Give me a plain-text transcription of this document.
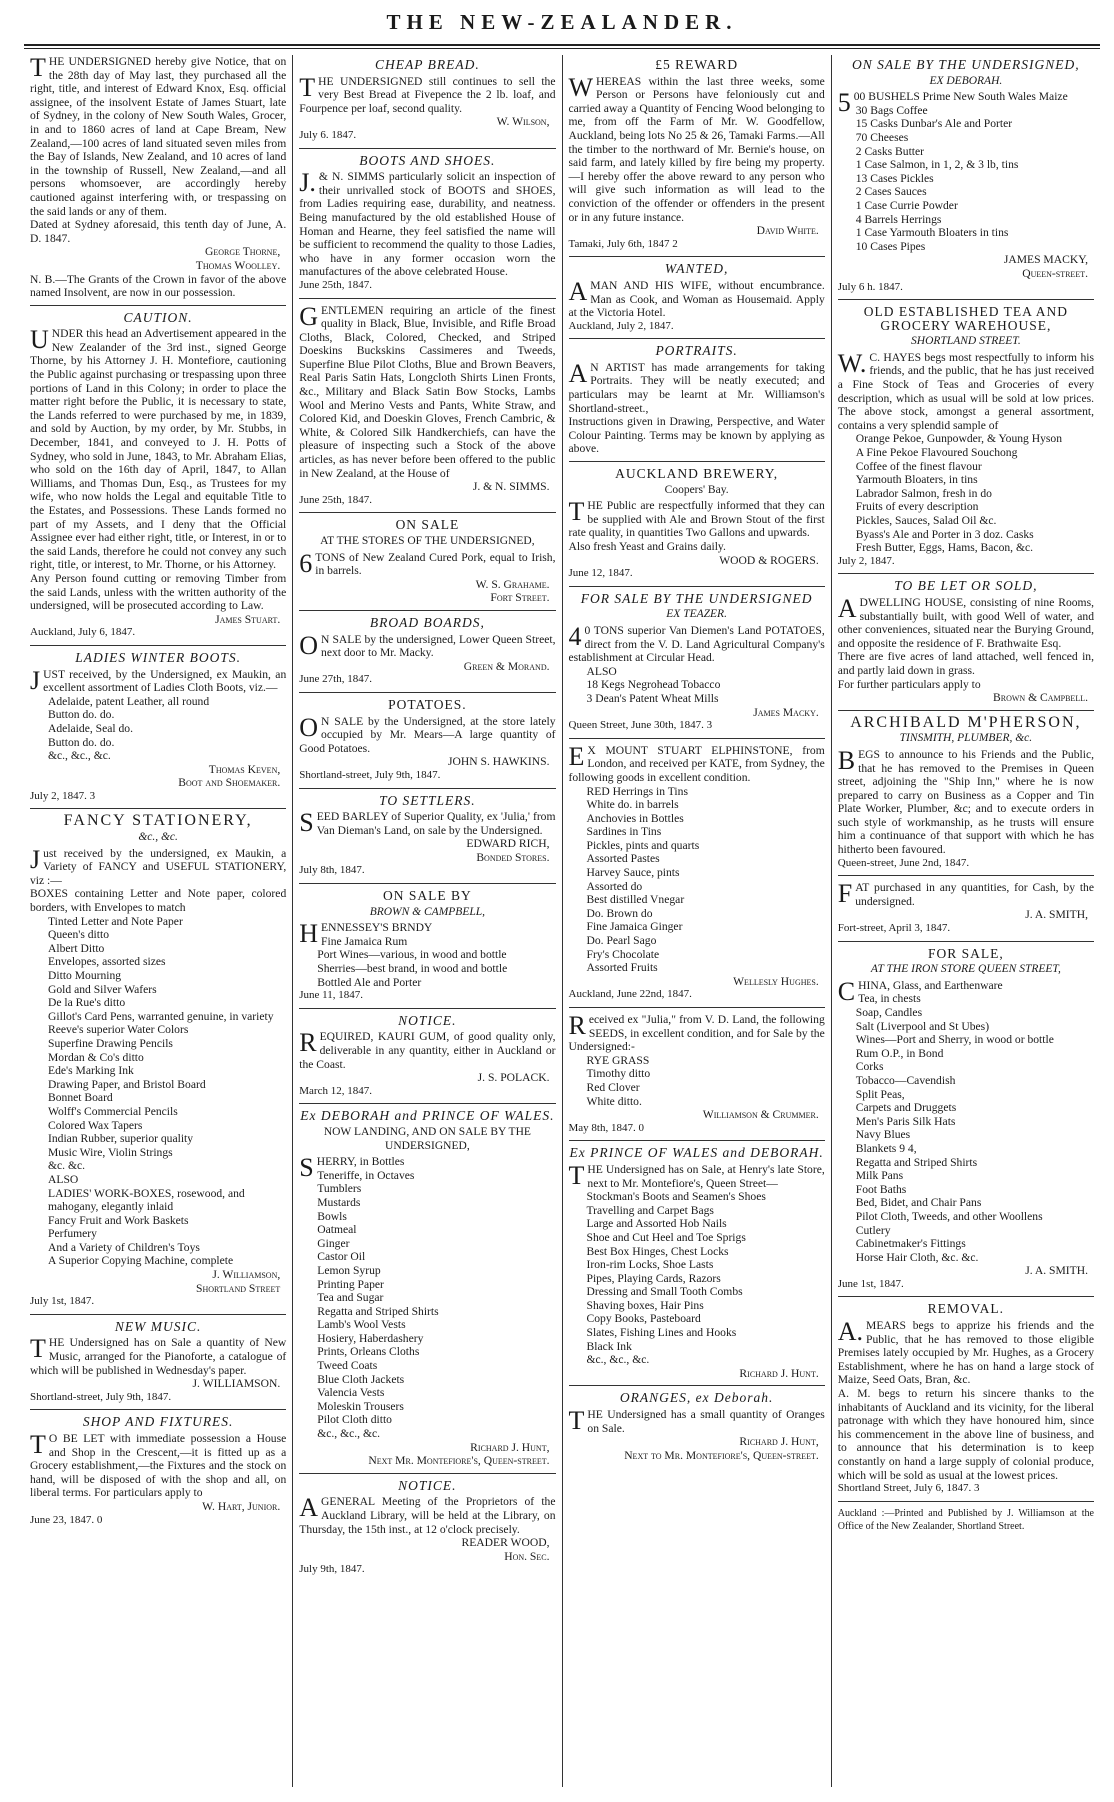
THE NEW-ZEALANDER.

THE UNDERSIGNED hereby give Notice, that on the 28th day of May last, they purchased all the right, title, and interest of Edward Knox, Esq. official assignee, of the insolvent Estate of James Stuart, late of Sydney, in the colony of New South Wales, Grocer, in and to 1860 acres of land at Cape Bream, New Zealand,—100 acres of land situated seven miles from the Bay of Islands, New Zealand, and 10 acres of land in the township of Russell, New Zealand,—and all persons whomsoever, are accordingly hereby cautioned against interfering with, or trespassing on the said lands or any of them.

Dated at Sydney aforesaid, this tenth day of June, A. D. 1847.

George Thorne,
Thomas Woolley.

N. B.—The Grants of the Crown in favor of the above named Insolvent, are now in our possession.

CAUTION.

UNDER this head an Advertisement appeared in the New Zealander of the 3rd inst., signed George Thorne, by his Attorney J. H. Montefiore, cautioning the Public against purchasing or trespassing upon three portions of Land in this Colony; in order to place the matter right before the Public, it is necessary to state, the Lands referred to were purchased by me, in 1839, and sold by Auction, by my order, by Mr. Stubbs, in December, 1841, and conveyed to J. H. Potts of Sydney, who sold in June, 1843, to Mr. Abraham Elias, who sold on the 16th day of April, 1847, to Allan Williams, and Thomas Dun, Esq., as Trustees for my wife, who now holds the Legal and equitable Title to the Estates, and Possessions. These Lands formed no part of my Assets, and I deny that the Official Assignee ever had either right, title, or Interest, in or to the said Lands, therefore he could not convey any such right, title, or interest, to Mr. Thorne, or his Attorney.

Any Person found cutting or removing Timber from the said Lands, unless with the written authority of the undersigned, will be prosecuted according to Law.

James Stuart.
Auckland, July 6, 1847.
LADIES WINTER BOOTS.

JUST received, by the Undersigned, ex Maukin, an excellent assortment of Ladies Cloth Boots, viz.—

Adelaide, patent Leather, all round
Button do. do.
Adelaide, Seal do.
Button do. do.
&c., &c., &c.
Thomas Keven,
Boot and Shoemaker.
July 2, 1847. 3
FANCY STATIONERY,
&c., &c.

Just received by the undersigned, ex Maukin, a Variety of FANCY and USEFUL STATIONERY, viz :—

BOXES containing Letter and Note paper, colored borders, with Envelopes to match

Tinted Letter and Note Paper
Queen's ditto
Albert Ditto
Envelopes, assorted sizes
Ditto Mourning
Gold and Silver Wafers
De la Rue's ditto
Gillot's Card Pens, warranted genuine, in variety
Reeve's superior Water Colors
Superfine Drawing Pencils
Mordan & Co's ditto
Ede's Marking Ink
Drawing Paper, and Bristol Board
Bonnet Board
Wolff's Commercial Pencils
Colored Wax Tapers
Indian Rubber, superior quality
Music Wire, Violin Strings
&c. &c.
ALSO
LADIES' WORK-BOXES, rosewood, and mahogany, elegantly inlaid
Fancy Fruit and Work Baskets
Perfumery
And a Variety of Children's Toys
A Superior Copying Machine, complete
J. Williamson,
Shortland Street
July 1st, 1847.
NEW MUSIC.

THE Undersigned has on Sale a quantity of New Music, arranged for the Pianoforte, a catalogue of which will be published in Wednesday's paper.

J. WILLIAMSON.
Shortland-street, July 9th, 1847.
SHOP AND FIXTURES.

TO BE LET with immediate possession a House and Shop in the Crescent,—it is fitted up as a Grocery establishment,—the Fixtures and the stock on hand, will be disposed of with the shop and all, on liberal terms. For particulars apply to

W. Hart, Junior.
June 23, 1847. 0
CHEAP BREAD.

THE UNDERSIGNED still continues to sell the very Best Bread at Fivepence the 2 lb. loaf, and Fourpence per loaf, second quality.

W. Wilson,
July 6. 1847.
BOOTS AND SHOES.

J.& N. SIMMS particularly solicit an inspection of their unrivalled stock of BOOTS and SHOES, from Ladies requiring ease, durability, and neatness. Being manufactured by the old established House of Homan and Hearne, they feel satisfied the name will be sufficient to recommend the quality to those Ladies, who have in any former occasion worn the manufactures of the above celebrated House.

June 25th, 1847.

GENTLEMEN requiring an article of the finest quality in Black, Blue, Invisible, and Rifle Broad Cloths, Black, Colored, Checked, and Striped Doeskins Buckskins Cassimeres and Tweeds, Superfine Blue Pilot Cloths, Blue and Brown Beavers, Real Paris Satin Hats, Longcloth Shirts Linen Fronts, &c., Military and Black Satin Bow Stocks, Lambs Wool and Merino Vests and Pants, White Straw, and Colored Kid, and Doeskin Gloves, French Cambric, & White, & Colored Silk Handkerchiefs, can have the pleasure of inspecting such a Stock of the above articles, as has never before been offered to the public in New Zealand, at the House of

J. & N. SIMMS.
June 25th, 1847.
ON SALE
AT THE STORES OF THE UNDERSIGNED,

6TONS of New Zealand Cured Pork, equal to Irish, in barrels.

W. S. Grahame.
Fort Street.
BROAD BOARDS,

ON SALE by the undersigned, Lower Queen Street, next door to Mr. Macky.

Green & Morand.
June 27th, 1847.
POTATOES.

ON SALE by the Undersigned, at the store lately occupied by Mr. Mears—A large quantity of Good Potatoes.

JOHN S. HAWKINS.
Shortland-street, July 9th, 1847.
TO SETTLERS.

SEED BARLEY of Superior Quality, ex 'Julia,' from Van Dieman's Land, on sale by the Undersigned.

EDWARD RICH,
Bonded Stores.
July 8th, 1847.
ON SALE BY
BROWN & CAMPBELL,

HENNESSEY'S BRNDY

Fine Jamaica Rum
Port Wines—various, in wood and bottle
Sherries—best brand, in wood and bottle
Bottled Ale and Porter
June 11, 1847.
NOTICE.

REQUIRED, KAURI GUM, of good quality only, deliverable in any quantity, either in Auckland or the Coast.

J. S. POLACK.
March 12, 1847.
Ex DEBORAH and PRINCE OF WALES.
NOW LANDING, AND ON SALE BY THE UNDERSIGNED,

SHERRY, in Bottles

Teneriffe, in Octaves
Tumblers
Mustards
Bowls
Oatmeal
Ginger
Castor Oil
Lemon Syrup
Printing Paper
Tea and Sugar
Regatta and Striped Shirts
Lamb's Wool Vests
Hosiery, Haberdashery
Prints, Orleans Cloths
Tweed Coats
Blue Cloth Jackets
Valencia Vests
Moleskin Trousers
Pilot Cloth ditto
&c., &c., &c.
Richard J. Hunt,
Next Mr. Montefiore's, Queen-street.
NOTICE.

AGENERAL Meeting of the Proprietors of the Auckland Library, will be held at the Library, on Thursday, the 15th inst., at 12 o'clock precisely.

READER WOOD,
Hon. Sec.
July 9th, 1847.
£5 REWARD

WHEREAS within the last three weeks, some Person or Persons have feloniously cut and carried away a Quantity of Fencing Wood belonging to me, from off the Farm of Mr. W. Goodfellow, Auckland, being lots No 25 & 26, Tamaki Farms.—All the timber to the northward of Mr. Bernie's house, on said farm, and lately killed by fire being my property.—I hereby offer the above reward to any person who will give such information as will lead to the conviction of the offender or offenders in the present or in any future instance.

David White.
Tamaki, July 6th, 1847 2
WANTED,

AMAN AND HIS WIFE, without encumbrance. Man as Cook, and Woman as Housemaid. Apply at the Victoria Hotel.

Auckland, July 2, 1847.
PORTRAITS.

AN ARTIST has made arrangements for taking Portraits. They will be neatly executed; and particulars may be learnt at Mr. Williamson's Shortland-street.,

Instructions given in Drawing, Perspective, and Water Colour Painting. Terms may be known by applying as above.

AUCKLAND BREWERY,
Coopers' Bay.

THE Public are respectfully informed that they can be supplied with Ale and Brown Stout of the first rate quality, in quantities Two Gallons and upwards.

Also fresh Yeast and Grains daily.

WOOD & ROGERS.
June 12, 1847.
FOR SALE BY THE UNDERSIGNED
EX TEAZER.

40 TONS superior Van Diemen's Land POTATOES, direct from the V. D. Land Agricultural Company's establishment at Circular Head.

ALSO
18 Kegs Negrohead Tobacco
3 Dean's Patent Wheat Mills
James Macky.
Queen Street, June 30th, 1847. 3

EX MOUNT STUART ELPHINSTONE, from London, and received per KATE, from Sydney, the following goods in excellent condition.

RED Herrings in Tins
White do. in barrels
Anchovies in Bottles
Sardines in Tins
Pickles, pints and quarts
Assorted Pastes
Harvey Sauce, pints
Assorted do
Best distilled Vnegar
Do. Brown do
Fine Jamaica Ginger
Do. Pearl Sago
Fry's Chocolate
Assorted Fruits
Wellesly Hughes.
Auckland, June 22nd, 1847.

Received ex "Julia," from V. D. Land, the following SEEDS, in excellent condition, and for Sale by the Undersigned:-

RYE GRASS
Timothy ditto
Red Clover
White ditto.
Williamson & Crummer.
May 8th, 1847. 0
Ex PRINCE OF WALES and DEBORAH.

THE Undersigned has on Sale, at Henry's late Store, next to Mr. Montefiore's, Queen Street—

Stockman's Boots and Seamen's Shoes
Travelling and Carpet Bags
Large and Assorted Hob Nails
Shoe and Cut Heel and Toe Sprigs
Best Box Hinges, Chest Locks
Iron-rim Locks, Shoe Lasts
Pipes, Playing Cards, Razors
Dressing and Small Tooth Combs
Shaving boxes, Hair Pins
Copy Books, Pasteboard
Slates, Fishing Lines and Hooks
Black Ink
&c., &c., &c.
Richard J. Hunt.
ORANGES, ex Deborah.

THE Undersigned has a small quantity of Oranges on Sale.

Richard J. Hunt,
Next to Mr. Montefiore's, Queen-street.
ON SALE BY THE UNDERSIGNED,
EX DEBORAH.

500 BUSHELS Prime New South Wales Maize

30 Bags Coffee
15 Casks Dunbar's Ale and Porter
70 Cheeses
2 Casks Butter
1 Case Salmon, in 1, 2, & 3 lb, tins
13 Cases Pickles
2 Cases Sauces
1 Case Currie Powder
4 Barrels Herrings
1 Case Yarmouth Bloaters in tins
10 Cases Pipes
JAMES MACKY,
Queen-street.
July 6 h. 1847.
OLD ESTABLISHED TEA AND GROCERY WAREHOUSE,
SHORTLAND STREET.

W.C. HAYES begs most respectfully to inform his friends, and the public, that he has just received a Fine Stock of Teas and Groceries of every description, which as usual will be sold at low prices. The above stock, amongst a general assortment, contains a very splendid sample of

Orange Pekoe, Gunpowder, & Young Hyson
A Fine Pekoe Flavoured Souchong
Coffee of the finest flavour
Yarmouth Bloaters, in tins
Labrador Salmon, fresh in do
Fruits of every description
Pickles, Sauces, Salad Oil &c.
Byass's Ale and Porter in 3 doz. Casks
Fresh Butter, Eggs, Hams, Bacon, &c.
July 2, 1847.
TO BE LET OR SOLD,

ADWELLING HOUSE, consisting of nine Rooms, substantially built, with good Well of water, and other conveniences, situated near the Burying Ground, and opposite the residence of F. Brathwaite Esq.

There are five acres of land attached, well fenced in, and partly laid down in grass.

For further particulars apply to

Brown & Campbell.
ARCHIBALD M'PHERSON,
TINSMITH, PLUMBER, &c.

BEGS to announce to his Friends and the Public, that he has removed to the Premises in Queen street, adjoining the "Ship Inn," where he is now prepared to carry on Business as a Copper and Tin Plate Worker, Plumber, &c; and to execute orders in such style of workmanship, as he trusts will ensure him a continuance of that support with which he has hitherto been favoured.

Queen-street, June 2nd, 1847.

FAT purchased in any quantities, for Cash, by the undersigned.

J. A. SMITH,
Fort-street, April 3, 1847.
FOR SALE,
AT THE IRON STORE QUEEN STREET,

CHINA, Glass, and Earthenware

Tea, in chests
Soap, Candles
Salt (Liverpool and St Ubes)
Wines—Port and Sherry, in wood or bottle
Rum O.P., in Bond
Corks
Tobacco—Cavendish
Split Peas,
Carpets and Druggets
Men's Paris Silk Hats
Navy Blues
Blankets 9 4,
Regatta and Striped Shirts
Milk Pans
Foot Baths
Bed, Bidet, and Chair Pans
Pilot Cloth, Tweeds, and other Woollens
Cutlery
Cabinetmaker's Fittings
Horse Hair Cloth, &c. &c.
J. A. SMITH.
June 1st, 1847.
REMOVAL.

A.MEARS begs to apprize his friends and the Public, that he has removed to those eligible Premises lately occupied by Mr. Hughes, as a Grocery Establishment, where he has on hand a large stock of Maize, Seed Oats, Bran, &c.

A. M. begs to return his sincere thanks to the inhabitants of Auckland and its vicinity, for the liberal patronage with which they have honoured him, since his commencement in the above line of business, and to announce that his determination is to keep constantly on hand a large supply of colonial produce, which will be sold as usual at the lowest prices.

Shortland Street, July 6, 1847. 3

Auckland :—Printed and Published by J. Williamson at the Office of the New Zealander, Shortland Street.
